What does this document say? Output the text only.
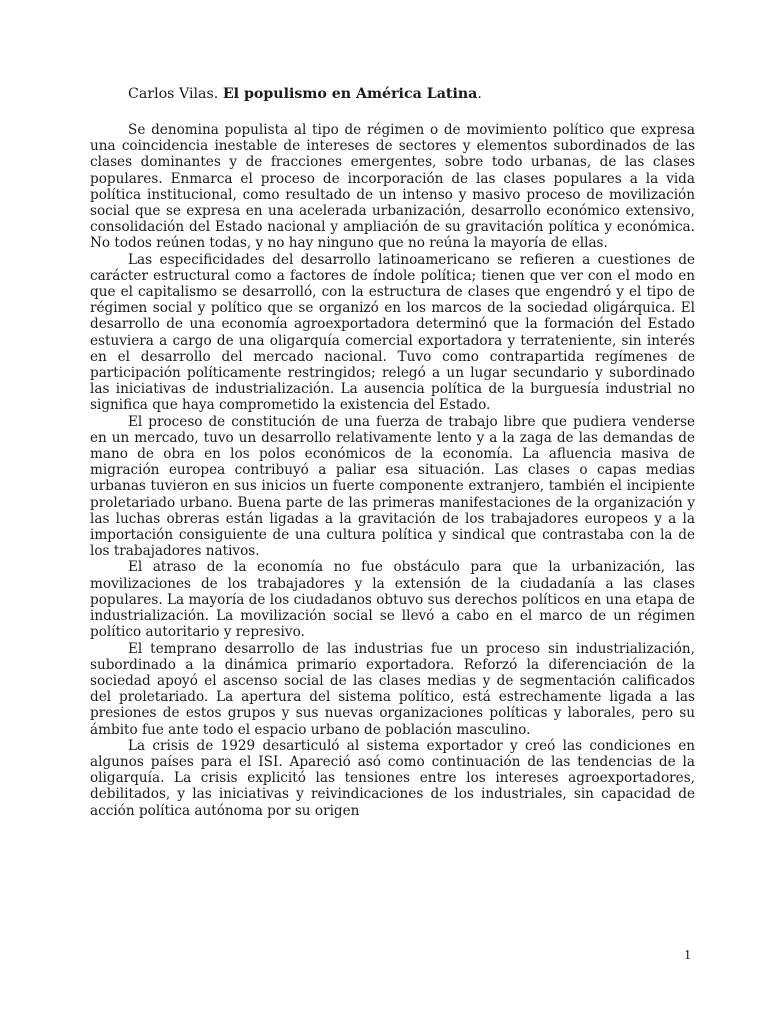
Carlos Vilas. El populismo en América Latina.

Se denomina populista al tipo de régimen o de movimiento político que expresa una coincidencia inestable de intereses de sectores y elementos subordinados de las clases dominantes y de fracciones emergentes, sobre todo urbanas, de las clases populares. Enmarca el proceso de incorporación de las clases populares a la vida política institucional, como resultado de un intenso y masivo proceso de movilización social que se expresa en una acelerada urbanización, desarrollo económico extensivo, consolidación del Estado nacional y ampliación de su gravitación política y económica. No todos reúnen todas, y no hay ninguno que no reúna la mayoría de ellas.

Las especificidades del desarrollo latinoamericano se refieren a cuestiones de carácter estructural como a factores de índole política; tienen que ver con el modo en que el capitalismo se desarrolló, con la estructura de clases que engendró y el tipo de régimen social y político que se organizó en los marcos de la sociedad oligárquica. El desarrollo de una economía agroexportadora determinó que la formación del Estado estuviera a cargo de una oligarquía comercial exportadora y terrateniente, sin interés en el desarrollo del mercado nacional. Tuvo como contrapartida regímenes de participación políticamente restringidos; relegó a un lugar secundario y subordinado las iniciativas de industrialización. La ausencia política de la burguesía industrial no significa que haya comprometido la existencia del Estado.

El proceso de constitución de una fuerza de trabajo libre que pudiera venderse en un mercado, tuvo un desarrollo relativamente lento y a la zaga de las demandas de mano de obra en los polos económicos de la economía. La afluencia masiva de migración europea contribuyó a paliar esa situación. Las clases o capas medias urbanas tuvieron en sus inicios un fuerte componente extranjero, también el incipiente proletariado urbano. Buena parte de las primeras manifestaciones de la organización y las luchas obreras están ligadas a la gravitación de los trabajadores europeos y a la importación consiguiente de una cultura política y sindical que contrastaba con la de los trabajadores nativos.

El atraso de la economía no fue obstáculo para que la urbanización, las movilizaciones de los trabajadores y la extensión de la ciudadanía a las clases populares. La mayoría de los ciudadanos obtuvo sus derechos políticos en una etapa de industrialización. La movilización social se llevó a cabo en el marco de un régimen político autoritario y represivo.

El temprano desarrollo de las industrias fue un proceso sin industrialización, subordinado a la dinámica primario exportadora. Reforzó la diferenciación de la sociedad apoyó el ascenso social de las clases medias y de segmentación calificados del proletariado. La apertura del sistema político, está estrechamente ligada a las presiones de estos grupos y sus nuevas organizaciones políticas y laborales, pero su ámbito fue ante todo el espacio urbano de población masculino.

La crisis de 1929 desarticuló al sistema exportador y creó las condiciones en algunos países para el ISI. Apareció asó como continuación de las tendencias de la oligarquía. La crisis explicitó las tensiones entre los intereses agroexportadores, debilitados, y las iniciativas y reivindicaciones de los industriales, sin capacidad de acción política autónoma por su origen

1
